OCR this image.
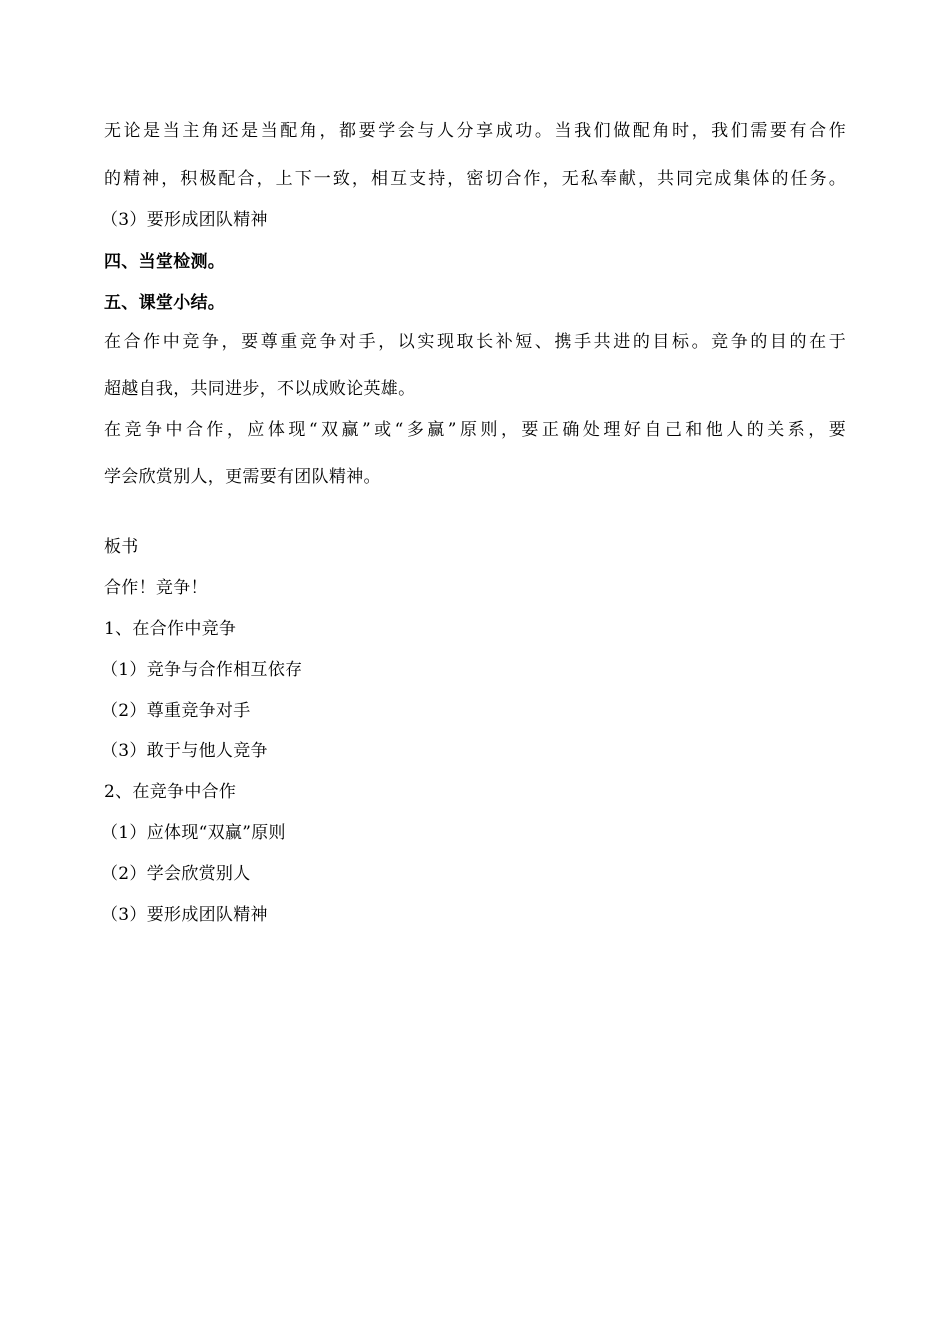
无论是当主角还是当配角，都要学会与人分享成功。当我们做配角时，我们需要有合作
的精神，积极配合，上下一致，相互支持，密切合作，无私奉献，共同完成集体的任务。
（3）要形成团队精神
四、当堂检测。
五、课堂小结。
在合作中竞争，要尊重竞争对手，以实现取长补短、携手共进的目标。竞争的目的在于
超越自我，共同进步，不以成败论英雄。
在竞争中合作，应体现“双赢”或“多赢”原则，要正确处理好自己和他人的关系，要
学会欣赏别人，更需要有团队精神。
板书
合作！竞争！
1、在合作中竞争
（1）竞争与合作相互依存
（2）尊重竞争对手
（3）敢于与他人竞争
2、在竞争中合作
（1）应体现“双赢”原则
（2）学会欣赏别人
（3）要形成团队精神
